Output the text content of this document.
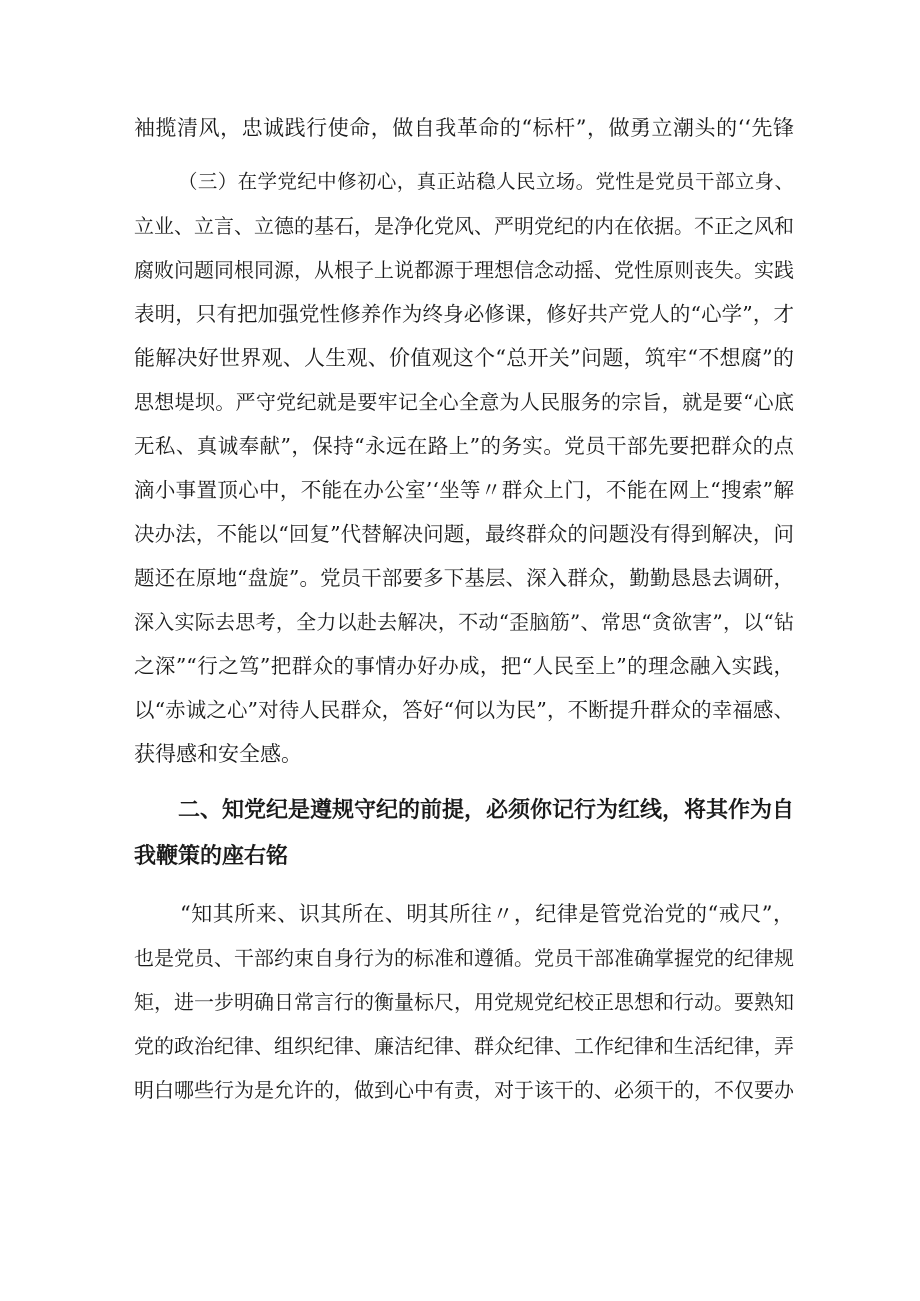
袖揽清风，忠诚践行使命，做自我革命的“标杆”，做勇立潮头的‘‘先锋
（三）在学党纪中修初心，真正站稳人民立场。党性是党员干部立身、
立业、立言、立德的基石，是净化党风、严明党纪的内在依据。不正之风和
腐败问题同根同源，从根子上说都源于理想信念动摇、党性原则丧失。实践
表明，只有把加强党性修养作为终身必修课，修好共产党人的“心学”，才
能解决好世界观、人生观、价值观这个“总开关”问题，筑牢“不想腐”的
思想堤坝。严守党纪就是要牢记全心全意为人民服务的宗旨，就是要“心底
无私、真诚奉献”，保持“永远在路上”的务实。党员干部先要把群众的点
滴小事置顶心中，不能在办公室’‘坐等〃群众上门，不能在网上“搜索”解
决办法，不能以“回复”代替解决问题，最终群众的问题没有得到解决，问
题还在原地“盘旋”。党员干部要多下基层、深入群众，勤勤恳恳去调研，
深入实际去思考，全力以赴去解决，不动“歪脑筋”、常思“贪欲害”，以“钻
之深”“行之笃”把群众的事情办好办成，把“人民至上”的理念融入实践，
以“赤诚之心”对待人民群众，答好“何以为民”，不断提升群众的幸福感、
获得感和安全感。
二、知党纪是遵规守纪的前提，必须你记行为红线，将其作为自
我鞭策的座右铭
“知其所来、识其所在、明其所往〃，纪律是管党治党的“戒尺”，
也是党员、干部约束自身行为的标准和遵循。党员干部准确掌握党的纪律规
矩，进一步明确日常言行的衡量标尺，用党规党纪校正思想和行动。要熟知
党的政治纪律、组织纪律、廉洁纪律、群众纪律、工作纪律和生活纪律，弄
明白哪些行为是允许的，做到心中有责，对于该干的、必须干的，不仅要办
